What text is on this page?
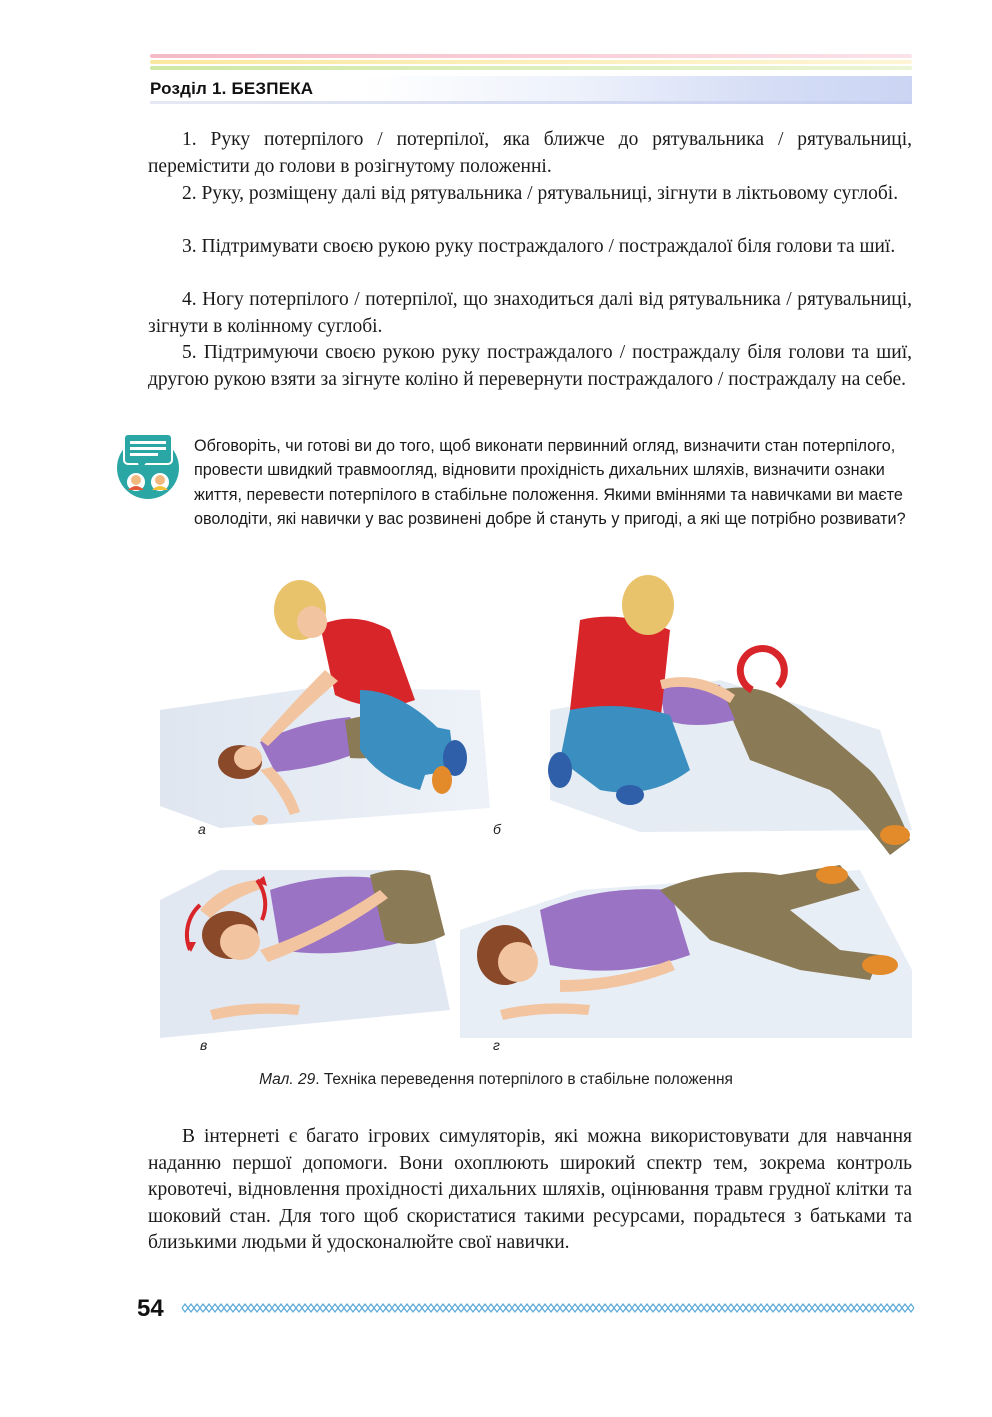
Розділ 1. БЕЗПЕКА

1. Руку потерпілого / потерпілої, яка ближче до рятувальника / рятувальниці, перемістити до голови в розігнутому положенні.

2. Руку, розміщену далі від рятувальника / рятувальниці, зігнути в ліктьовому суглобі.

3. Підтримувати своєю рукою руку постраждалого / постраждалої біля голови та шиї.

4. Ногу потерпілого / потерпілої, що знаходиться далі від рятувальника / рятувальниці, зігнути в колінному суглобі.

5. Підтримуючи своєю рукою руку постраждалого / постраждалу біля голови та шиї, другою рукою взяти за зігнуте коліно й перевернути постраждалого / постраждалу на себе.

Обговоріть, чи готові ви до того, щоб виконати первинний огляд, визначити стан потерпілого, провести швидкий травмоогляд, відновити прохідність дихальних шляхів, визначити ознаки життя, перевести потерпілого в стабільне положення. Якими вміннями та навичками ви маєте оволодіти, які навички у вас розвинені добре й стануть у пригоді, а які ще потрібно розвивати?

а	б
в	г
Мал. 29. Техніка переведення потерпілого в стабільне положення

В інтернеті є багато ігрових симуляторів, які можна використовувати для навчання наданню першої допомоги. Вони охоплюють широкий спектр тем, зокрема контроль кровотечі, відновлення прохідності дихальних шляхів, оцінювання травм грудної клітки та шоковий стан. Для того щоб скористатися такими ресурсами, порадьтеся з батьками та близькими людьми й удосконалюйте свої навички.

54
